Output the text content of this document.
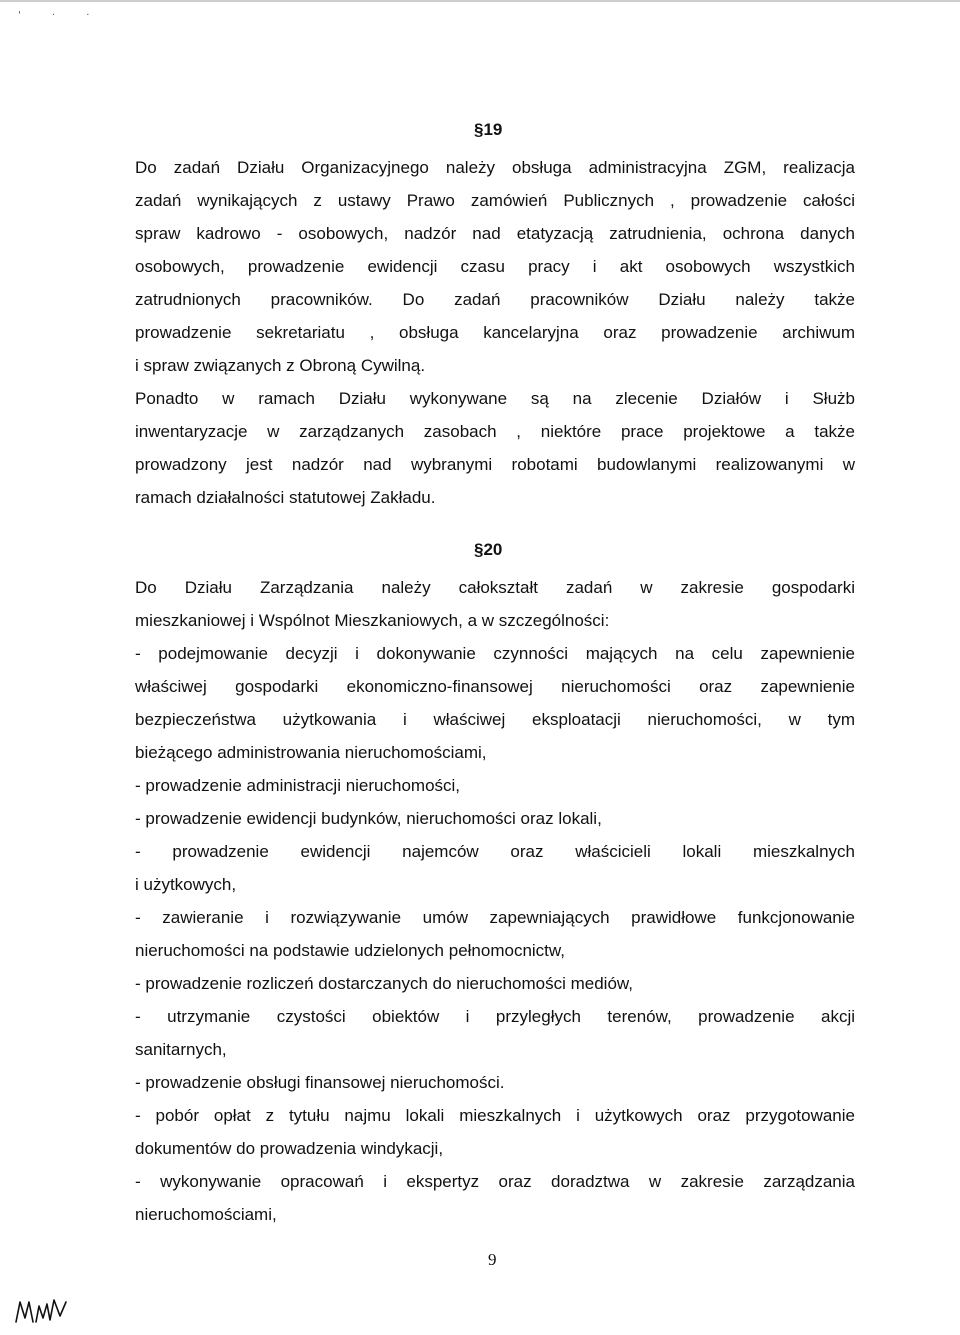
' · ·
§19
Do zadań Działu Organizacyjnego należy obsługa administracyjna ZGM, realizacja
zadań wynikających z ustawy Prawo zamówień Publicznych , prowadzenie całości
spraw kadrowo - osobowych, nadzór nad etatyzacją zatrudnienia, ochrona danych
osobowych, prowadzenie ewidencji czasu pracy i akt osobowych wszystkich
zatrudnionych pracowników. Do zadań pracowników Działu należy także
prowadzenie sekretariatu , obsługa kancelaryjna oraz prowadzenie archiwum
i spraw związanych z Obroną Cywilną.
Ponadto w ramach Działu wykonywane są na zlecenie Działów i Służb
inwentaryzacje w zarządzanych zasobach , niektóre prace projektowe a także
prowadzony jest nadzór nad wybranymi robotami budowlanymi realizowanymi w
ramach działalności statutowej Zakładu.
§20
Do Działu Zarządzania należy całokształt zadań w zakresie gospodarki
mieszkaniowej i Wspólnot Mieszkaniowych, a w szczególności:
- podejmowanie decyzji i dokonywanie czynności mających na celu zapewnienie
właściwej gospodarki ekonomiczno-finansowej nieruchomości oraz zapewnienie
bezpieczeństwa użytkowania i właściwej eksploatacji nieruchomości, w tym
bieżącego administrowania nieruchomościami,
- prowadzenie administracji nieruchomości,
- prowadzenie ewidencji budynków, nieruchomości oraz lokali,
- prowadzenie ewidencji najemców oraz właścicieli lokali mieszkalnych
i użytkowych,
- zawieranie i rozwiązywanie umów zapewniających prawidłowe funkcjonowanie
nieruchomości na podstawie udzielonych pełnomocnictw,
- prowadzenie rozliczeń dostarczanych do nieruchomości mediów,
- utrzymanie czystości obiektów i przyległych terenów, prowadzenie akcji
sanitarnych,
- prowadzenie obsługi finansowej nieruchomości.
- pobór opłat z tytułu najmu lokali mieszkalnych i użytkowych oraz przygotowanie
dokumentów do prowadzenia windykacji,
- wykonywanie opracowań i ekspertyz oraz doradztwa w zakresie zarządzania
nieruchomościami,
9
